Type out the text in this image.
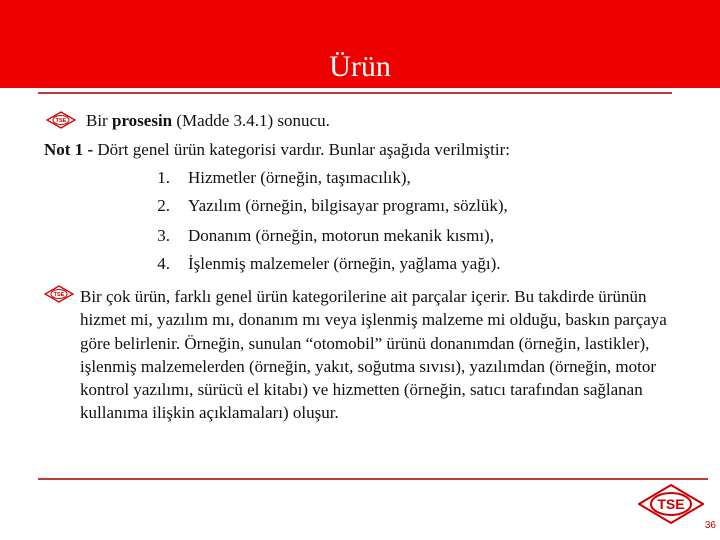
Ürün
TSE Bir prosesin (Madde 3.4.1) sonucu.
Not 1 - Dört genel ürün kategorisi vardır. Bunlar aşağıda verilmiştir:
1. Hizmetler (örneğin, taşımacılık),
2. Yazılım (örneğin, bilgisayar programı, sözlük),
3. Donanım (örneğin, motorun mekanik kısmı),
4. İşlenmiş malzemeler (örneğin, yağlama yağı).
TSE Bir çok ürün, farklı genel ürün kategorilerine ait parçalar içerir. Bu takdirde ürünün hizmet mi, yazılım mı, donanım mı veya işlenmiş malzeme mi olduğu, baskın parçaya göre belirlenir. Örneğin, sunulan “otomobil” ürünü donanımdan (örneğin, lastikler), işlenmiş malzemelerden (örneğin, yakıt, soğutma sıvısı), yazılımdan (örneğin, motor kontrol yazılımı, sürücü el kitabı) ve hizmetten (örneğin, satıcı tarafından sağlanan kullanıma ilişkin açıklamaları) oluşur.
TSE
36
